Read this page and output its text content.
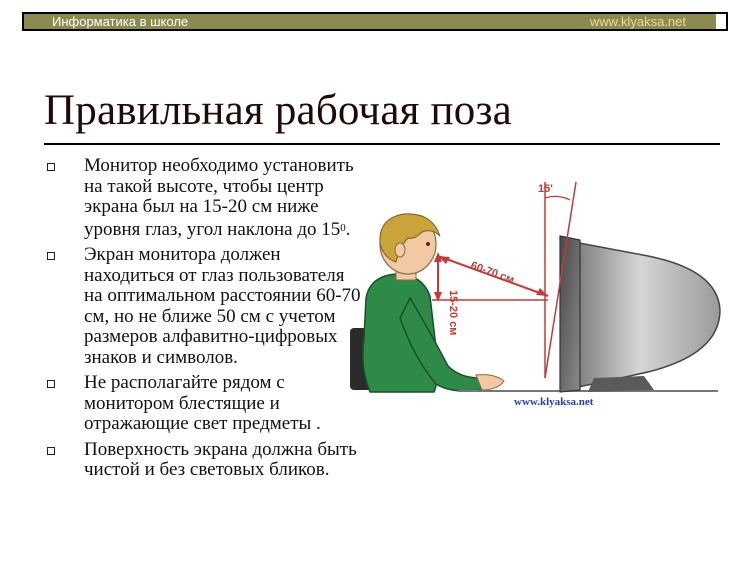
Информатика в школе	www.klyaksa.net
Правильная рабочая поза
Монитор необходимо установить на такой высоте, чтобы центр экрана был на 15-20 см ниже уровня глаз, угол наклона до $15^0$.
Экран монитора должен находиться от глаз пользователя на оптимальном расстоянии 60-70 см, но не ближе 50 см с учетом размеров алфавитно-цифровых знаков и символов.
Не располагайте рядом с монитором блестящие и отражающие свет предметы .
Поверхность экрана должна быть чистой и без световых бликов.
15'
60-70 см
15-20 см
www.klyaksa.net
